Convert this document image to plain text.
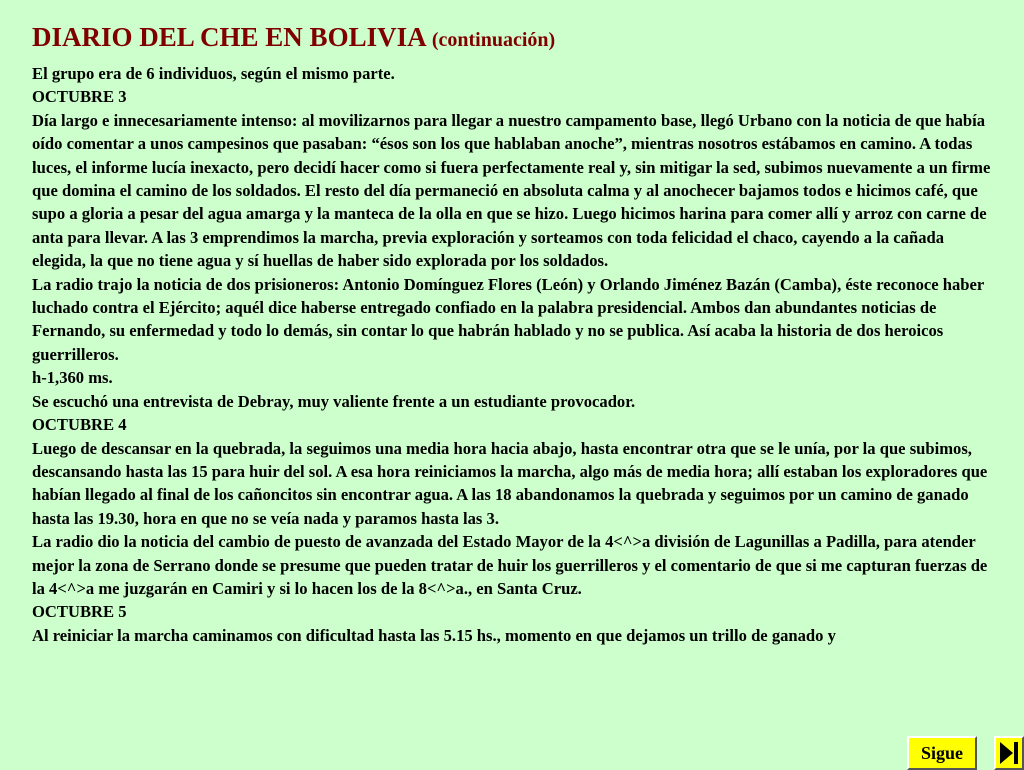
DIARIO DEL CHE EN BOLIVIA (continuación)

El grupo era de 6 individuos, según el mismo parte.

OCTUBRE 3

Día largo e innecesariamente intenso: al movilizarnos para llegar a nuestro campamento base, llegó Urbano con la noticia de que había oído comentar a unos campesinos que pasaban: “ésos son los que hablaban anoche”, mientras nosotros estábamos en camino. A todas luces, el informe lucía inexacto, pero decidí hacer como si fuera perfectamente real y, sin mitigar la sed, subimos nuevamente a un firme que domina el camino de los soldados. El resto del día permaneció en absoluta calma y al anochecer bajamos todos e hicimos café, que supo a gloria a pesar del agua amarga y la manteca de la olla en que se hizo. Luego hicimos harina para comer allí y arroz con carne de anta para llevar. A las 3 emprendimos la marcha, previa exploración y sorteamos con toda felicidad el chaco, cayendo a la cañada elegida, la que no tiene agua y sí huellas de haber sido explorada por los soldados.

La radio trajo la noticia de dos prisioneros: Antonio Domínguez Flores (León) y Orlando Jiménez Bazán (Camba), éste reconoce haber luchado contra el Ejército; aquél dice haberse entregado confiado en la palabra presidencial. Ambos dan abundantes noticias de Fernando, su enfermedad y todo lo demás, sin contar lo que habrán hablado y no se publica. Así acaba la historia de dos heroicos guerrilleros.

h-1,360 ms.

Se escuchó una entrevista de Debray, muy valiente frente a un estudiante provocador.

OCTUBRE 4

Luego de descansar en la quebrada, la seguimos una media hora hacia abajo, hasta encontrar otra que se le unía, por la que subimos, descansando hasta las 15 para huir del sol. A esa hora reiniciamos la marcha, algo más de media hora; allí estaban los exploradores que habían llegado al final de los cañoncitos sin encontrar agua. A las 18 abandonamos la quebrada y seguimos por un camino de ganado hasta las 19.30, hora en que no se veía nada y paramos hasta las 3.

La radio dio la noticia del cambio de puesto de avanzada del Estado Mayor de la 4<^>a división de Lagunillas a Padilla, para atender mejor la zona de Serrano donde se presume que pueden tratar de huir los guerrilleros y el comentario de que si me capturan fuerzas de la 4<^>a me juzgarán en Camiri y si lo hacen los de la 8<^>a., en Santa Cruz.

OCTUBRE 5

Al reiniciar la marcha caminamos con dificultad hasta las 5.15 hs., momento en que dejamos un trillo de ganado y

Sigue
